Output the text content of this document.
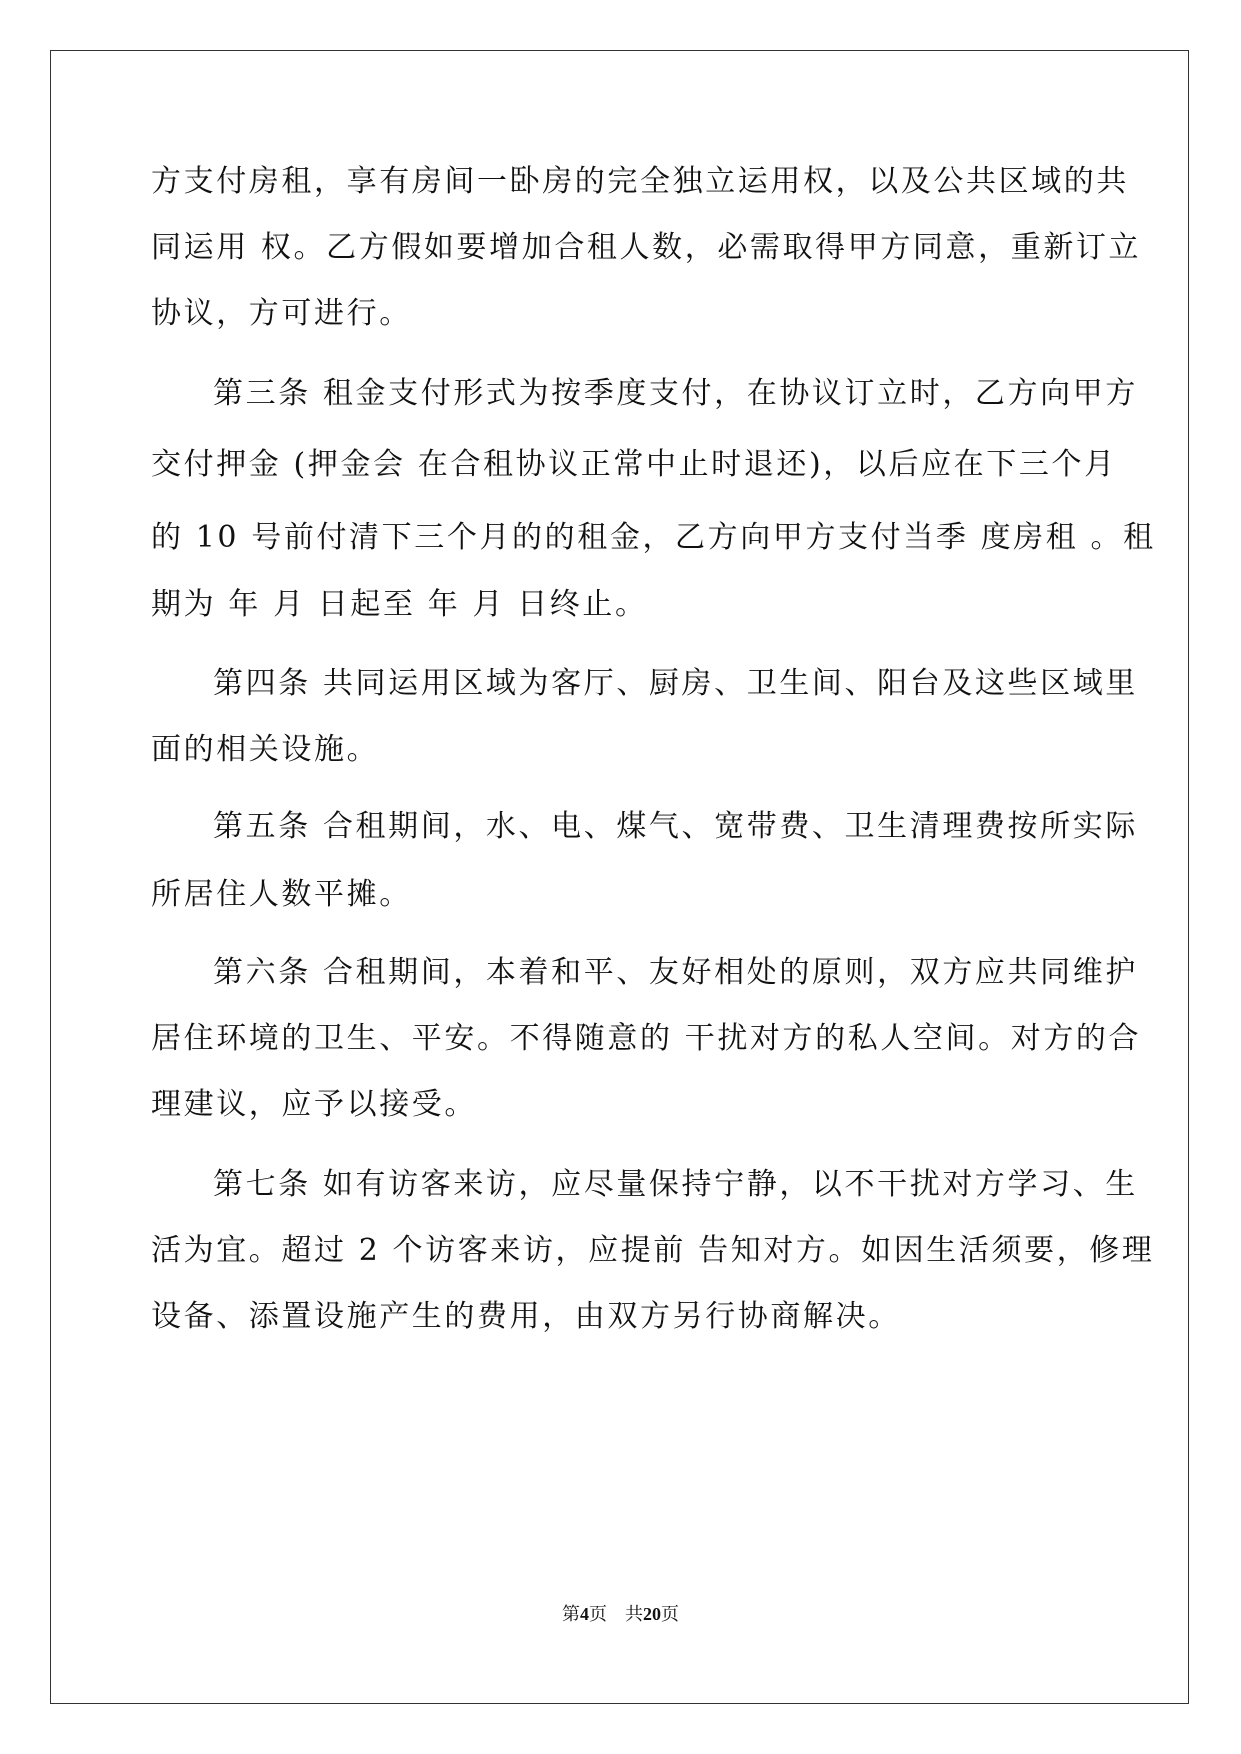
方支付房租，享有房间一卧房的完全独立运用权，以及公共区域的共
同运用 权。乙方假如要增加合租人数，必需取得甲方同意，重新订立
协议，方可进行。
第三条 租金支付形式为按季度支付，在协议订立时，乙方向甲方
交付押金 (押金会 在合租协议正常中止时退还)，以后应在下三个月
的 10 号前付清下三个月的的租金，乙方向甲方支付当季 度房租 。租
期为 年 月 日起至 年 月 日终止。
第四条 共同运用区域为客厅、厨房、卫生间、阳台及这些区域里
面的相关设施。
第五条 合租期间，水、电、煤气、宽带费、卫生清理费按所实际
所居住人数平摊。
第六条 合租期间，本着和平、友好相处的原则，双方应共同维护
居住环境的卫生、平安。不得随意的 干扰对方的私人空间。对方的合
理建议，应予以接受。
第七条 如有访客来访，应尽量保持宁静，以不干扰对方学习、生
活为宜。超过 2 个访客来访，应提前 告知对方。如因生活须要，修理
设备、添置设施产生的费用，由双方另行协商解决。
第4页 共20页
